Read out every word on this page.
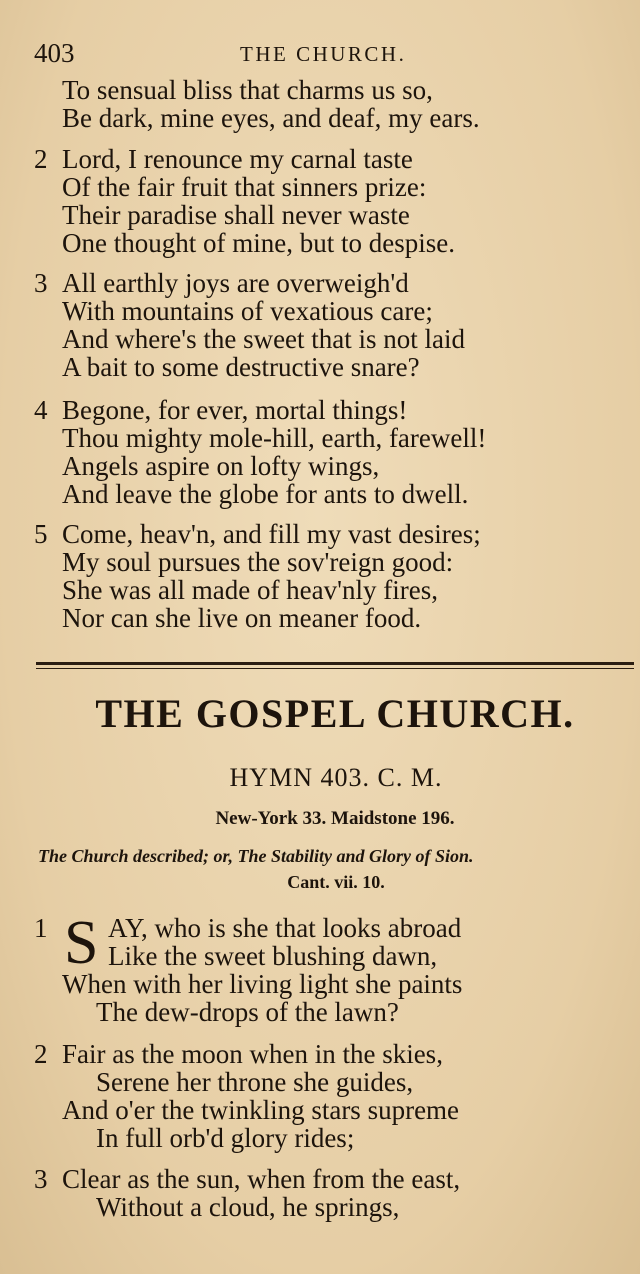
403	THE CHURCH.
To sensual bliss that charms us so,
Be dark, mine eyes, and deaf, my ears.
2 Lord, I renounce my carnal taste
Of the fair fruit that sinners prize:
Their paradise shall never waste
One thought of mine, but to despise.
3 All earthly joys are overweigh'd
With mountains of vexatious care;
And where's the sweet that is not laid
A bait to some destructive snare?
4 Begone, for ever, mortal things!
Thou mighty mole-hill, earth, farewell!
Angels aspire on lofty wings,
And leave the globe for ants to dwell.
5 Come, heav'n, and fill my vast desires;
My soul pursues the sov'reign good:
She was all made of heav'nly fires,
Nor can she live on meaner food.
THE GOSPEL CHURCH.
HYMN 403. C. M.
New-York 33. Maidstone 196.
The Church described; or, The Stability and Glory of Sion.
Cant. vii. 10.
1 S AY, who is she that looks abroad
Like the sweet blushing dawn,
When with her living light she paints
The dew-drops of the lawn?
2 Fair as the moon when in the skies,
Serene her throne she guides,
And o'er the twinkling stars supreme
In full orb'd glory rides;
3 Clear as the sun, when from the east,
Without a cloud, he springs,
